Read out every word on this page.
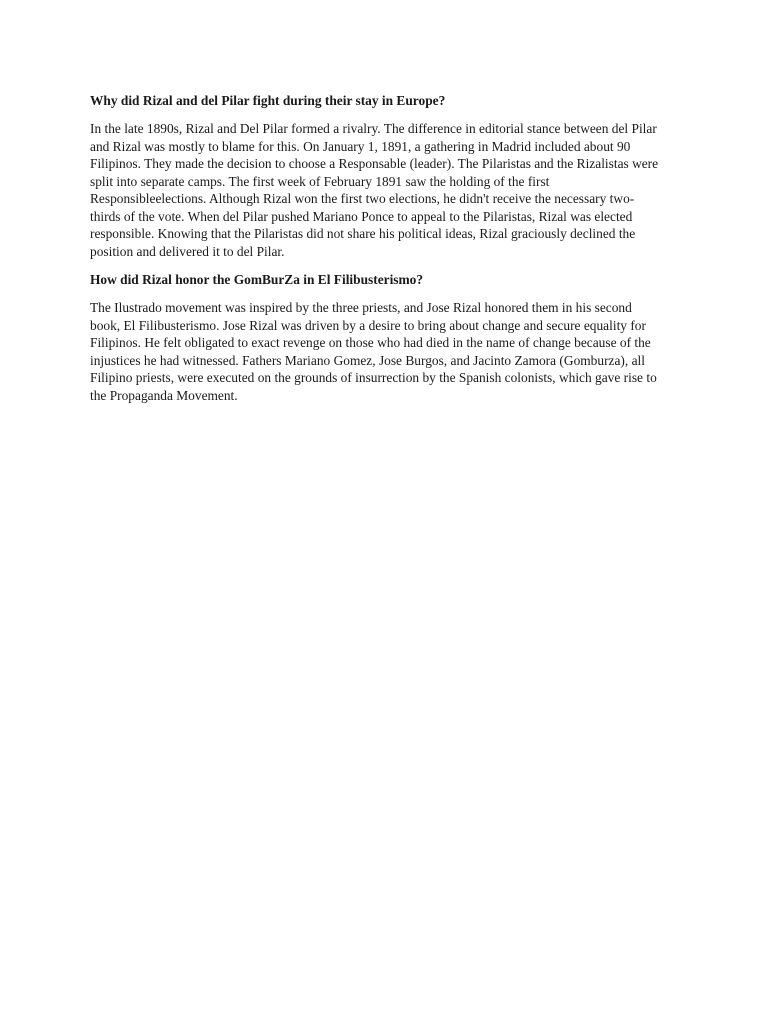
Why did Rizal and del Pilar fight during their stay in Europe?
In the late 1890s, Rizal and Del Pilar formed a rivalry. The difference in editorial stance between del Pilar
and Rizal was mostly to blame for this. On January 1, 1891, a gathering in Madrid included about 90
Filipinos. They made the decision to choose a Responsable (leader). The Pilaristas and the Rizalistas were
split into separate camps. The first week of February 1891 saw the holding of the first
Responsibleelections. Although Rizal won the first two elections, he didn't receive the necessary two-
thirds of the vote. When del Pilar pushed Mariano Ponce to appeal to the Pilaristas, Rizal was elected
responsible. Knowing that the Pilaristas did not share his political ideas, Rizal graciously declined the
position and delivered it to del Pilar.
How did Rizal honor the GomBurZa in El Filibusterismo?
The Ilustrado movement was inspired by the three priests, and Jose Rizal honored them in his second
book, El Filibusterismo. Jose Rizal was driven by a desire to bring about change and secure equality for
Filipinos. He felt obligated to exact revenge on those who had died in the name of change because of the
injustices he had witnessed. Fathers Mariano Gomez, Jose Burgos, and Jacinto Zamora (Gomburza), all
Filipino priests, were executed on the grounds of insurrection by the Spanish colonists, which gave rise to
the Propaganda Movement.
